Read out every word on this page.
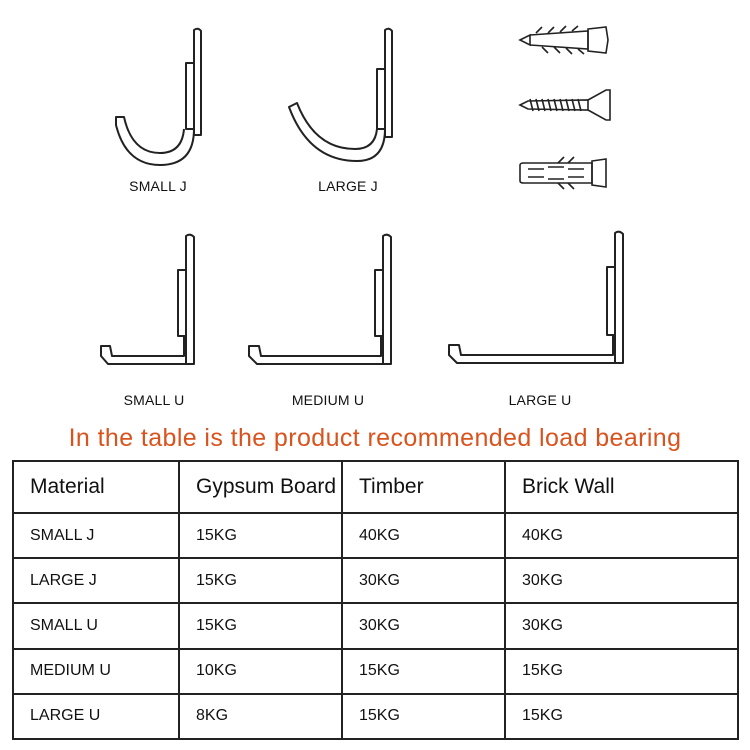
SMALL J	LARGE J
SMALL U	MEDIUM U	LARGE U
In the table is the product recommended load bearing
Material	Gypsum Board	Timber	Brick Wall
SMALL J	15KG	40KG	40KG
LARGE J	15KG	30KG	30KG
SMALL U	15KG	30KG	30KG
MEDIUM U	10KG	15KG	15KG
LARGE U	8KG	15KG	15KG
